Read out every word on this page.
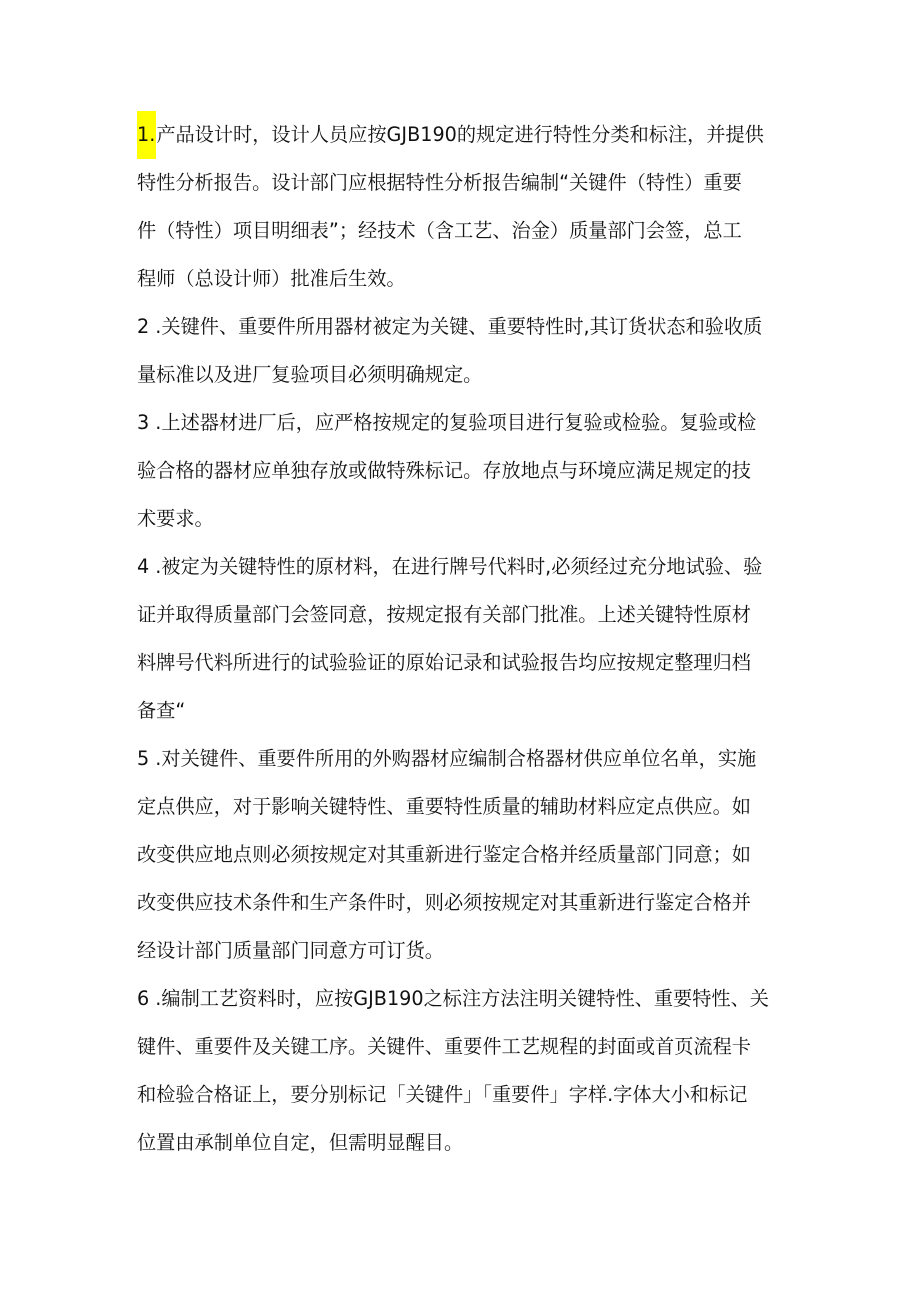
1.产品设计时，设计人员应按GJB190的规定进行特性分类和标注，并提供
特性分析报告。设计部门应根据特性分析报告编制“关键件（特性）重要
件（特性）项目明细表”；经技术（含工艺、治金）质量部门会签，总工
程师（总设计师）批准后生效。

2 .关键件、重要件所用器材被定为关键、重要特性时,其订货状态和验收质
量标准以及进厂复验项目必须明确规定。

3 .上述器材进厂后，应严格按规定的复验项目进行复验或检验。复验或检
验合格的器材应单独存放或做特殊标记。存放地点与环境应满足规定的技
术要求。

4 .被定为关键特性的原材料，在进行牌号代料时,必须经过充分地试验、验
证并取得质量部门会签同意，按规定报有关部门批准。上述关键特性原材
料牌号代料所进行的试验验证的原始记录和试验报告均应按规定整理归档
备查“

5 .对关键件、重要件所用的外购器材应编制合格器材供应单位名单，实施
定点供应，对于影响关键特性、重要特性质量的辅助材料应定点供应。如
改变供应地点则必须按规定对其重新进行鉴定合格并经质量部门同意；如
改变供应技术条件和生产条件时，则必须按规定对其重新进行鉴定合格并
经设计部门质量部门同意方可订货。

6 .编制工艺资料时，应按GJB190之标注方法注明关键特性、重要特性、关
键件、重要件及关键工序。关键件、重要件工艺规程的封面或首页流程卡
和检验合格证上，要分别标记「关键件」「重要件」字样.字体大小和标记
位置由承制单位自定，但需明显醒目。
